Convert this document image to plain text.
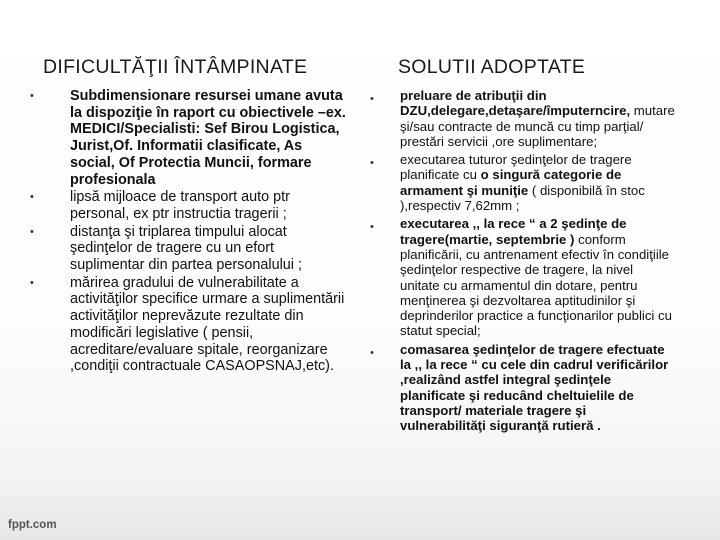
DIFICULTĂŢII ÎNTÂMPINATE	SOLUTII ADOPTATE
•	Subdimensionare resursei umane avuta la dispoziţie în raport cu obiectivele –ex. MEDICI/Specialisti: Sef Birou Logistica, Jurist,Of. Informatii clasificate, As social, Of Protectia Muncii, formare profesionala
•	lipsă mijloace de transport auto ptr personal, ex ptr instructia tragerii ;
•	distanţa şi triplarea timpului alocat şedinţelor de tragere cu un efort suplimentar din partea personalului ;
•	mărirea gradului de vulnerabilitate a activităţilor specifice urmare a suplimentării activităţilor neprevăzute rezultate din modificări legislative ( pensii, acreditare/evaluare spitale, reorganizare ,condiţii contractuale CASAOPSNAJ,etc).
• preluare de atribuţii din DZU,delegare,detaşare/împuterncire, mutare şi/sau contracte de muncă cu timp parţial/ prestări servicii ,ore suplimentare;
• executarea tuturor şedinţelor de tragere planificate cu o singură categorie de armament şi muniţie ( disponibilă în stoc ),respectiv 7,62mm ;
• executarea ,, la rece “ a 2 şedinţe de tragere(martie, septembrie ) conform planificării, cu antrenament efectiv în condiţiile şedinţelor respective de tragere, la nivel unitate cu armamentul din dotare, pentru menţinerea şi dezvoltarea aptitudinilor şi deprinderilor practice a funcţionarilor publici cu statut special;
• comasarea şedinţelor de tragere efectuate la ,, la rece “ cu cele din cadrul verificărilor ,realizând astfel integral şedinţele planificate şi reducând cheltuielile de transport/ materiale tragere şi vulnerabilităţi siguranţă rutieră .
fppt.com
